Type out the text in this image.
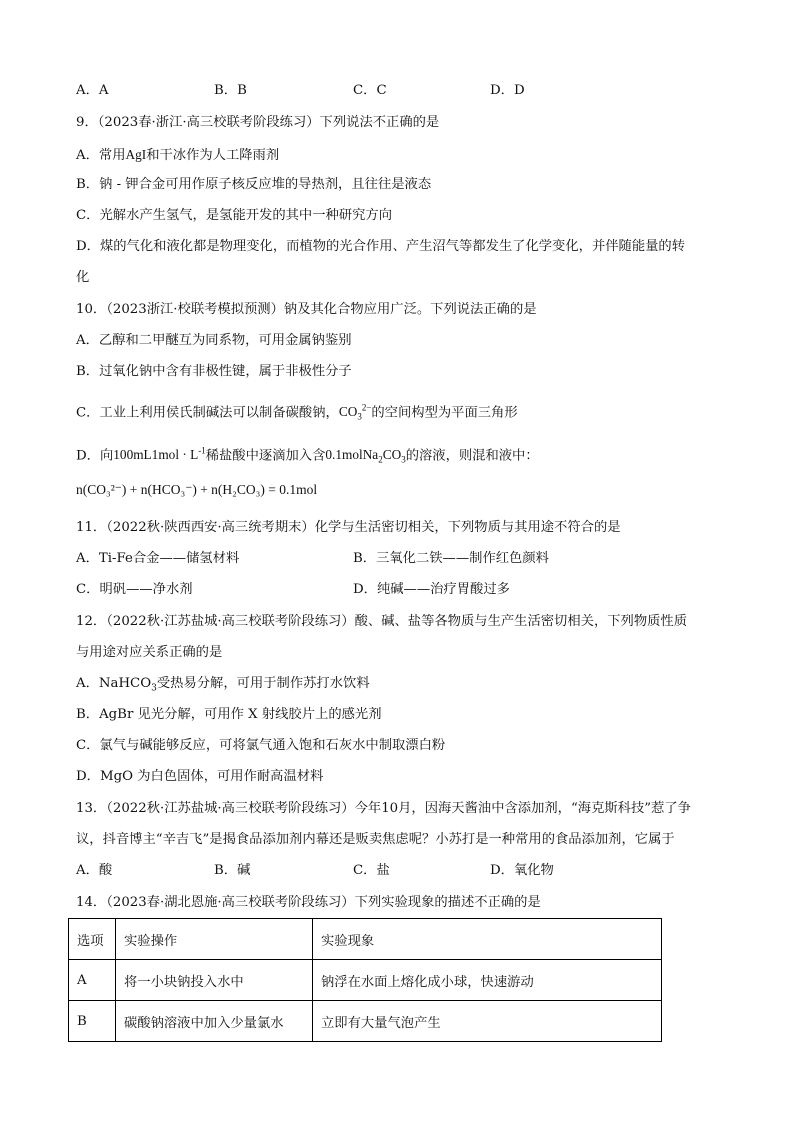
A．A	B．B	C．C	D．D
9．（2023春·浙江·高三校联考阶段练习）下列说法不正确的是
A．常用AgI和干冰作为人工降雨剂
B．钠 - 钾合金可用作原子核反应堆的导热剂，且往往是液态
C．光解水产生氢气，是氢能开发的其中一种研究方向
D．煤的气化和液化都是物理变化，而植物的光合作用、产生沼气等都发生了化学变化，并伴随能量的转
化
10．（2023浙江·校联考模拟预测）钠及其化合物应用广泛。下列说法正确的是
A．乙醇和二甲醚互为同系物，可用金属钠鉴别
B．过氧化钠中含有非极性键，属于非极性分子
C．工业上利用侯氏制碱法可以制备碳酸钠，$CO_3^{2-}$的空间构型为平面三角形
D．向$100mL1mol \cdot L^{-1}$稀盐酸中逐滴加入含$0.1molNa_2CO_3$的溶液，则混和液中：
n(CO₃²⁻) + n(HCO₃⁻) + n(H₂CO₃) = 0.1mol
11．（2022秋·陕西西安·高三统考期末）化学与生活密切相关，下列物质与其用途不符合的是
A．Ti-Fe合金——储氢材料	B．三氧化二铁——制作红色颜料
C．明矾——净水剂	D．纯碱——治疗胃酸过多
12．（2022秋·江苏盐城·高三校联考阶段练习）酸、碱、盐等各物质与生产生活密切相关，下列物质性质
与用途对应关系正确的是
A．NaHCO$_3$受热易分解，可用于制作苏打水饮料
B．AgBr 见光分解，可用作 X 射线胶片上的感光剂
C．氯气与碱能够反应，可将氯气通入饱和石灰水中制取漂白粉
D．MgO 为白色固体，可用作耐高温材料
13．（2022秋·江苏盐城·高三校联考阶段练习）今年10月，因海天酱油中含添加剂，“海克斯科技”惹了争
议，抖音博主“辛吉飞”是揭食品添加剂内幕还是贩卖焦虑呢？小苏打是一种常用的食品添加剂，它属于
A．酸	B．碱	C．盐	D．氧化物
14．（2023春·湖北恩施·高三校联考阶段练习）下列实验现象的描述不正确的是
选项	实验操作	实验现象
A	将一小块钠投入水中	钠浮在水面上熔化成小球，快速游动
B	碳酸钠溶液中加入少量氯水	立即有大量气泡产生
